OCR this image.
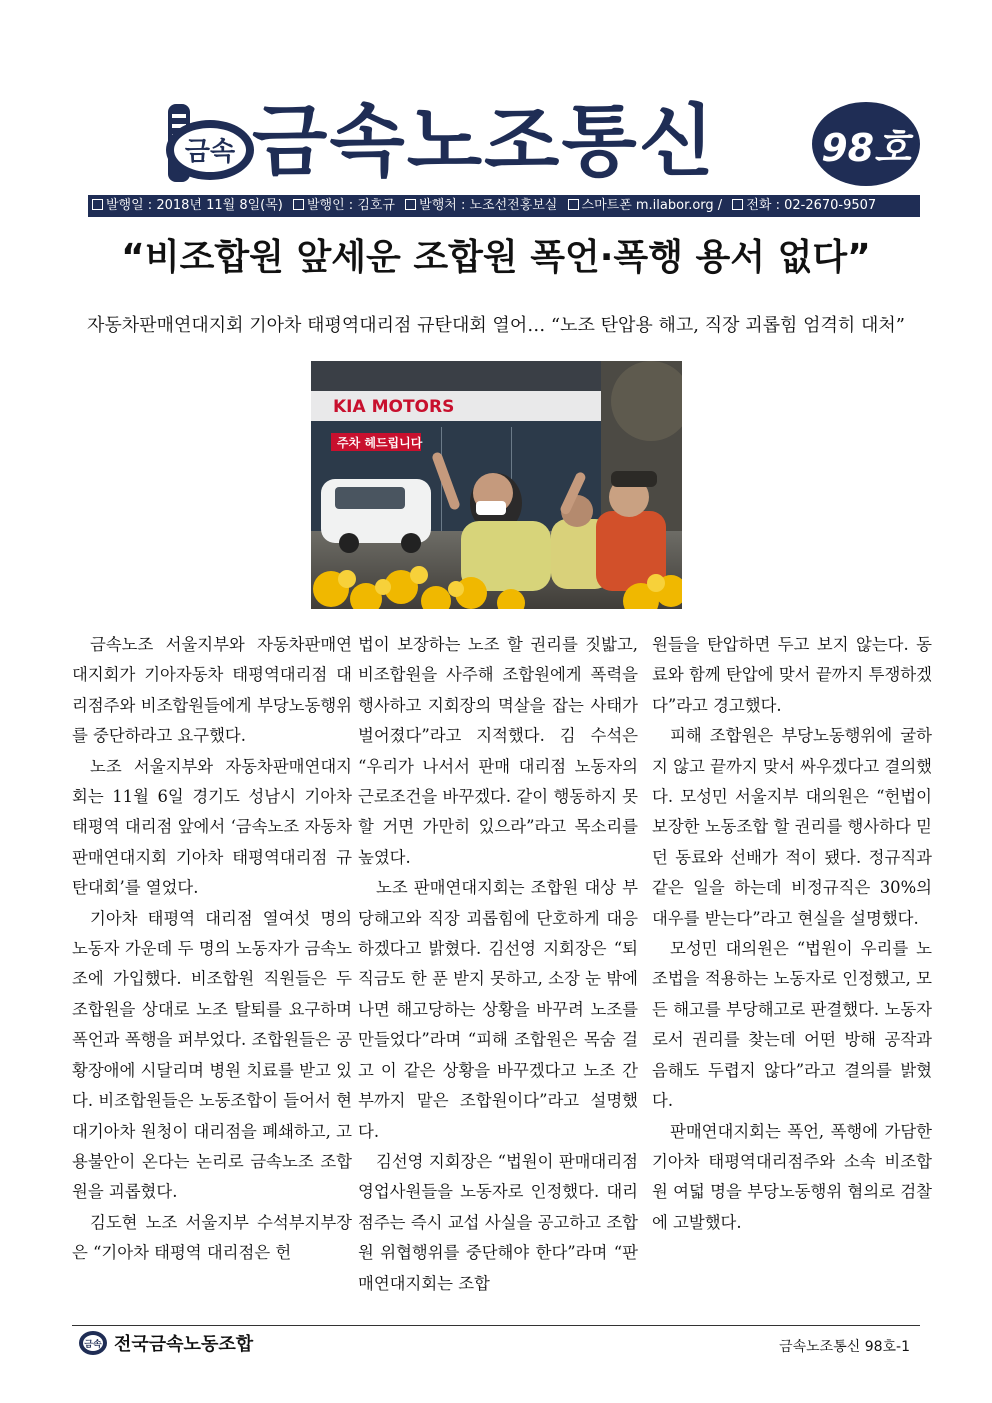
금속 금속노조통신	98호
발행일 : 2018년 11월 8일(목) 발행인 : 김호규 발행처 : 노조선전홍보실 스마트폰 m.ilabor.org / 전화 : 02-2670-9507
“비조합원 앞세운 조합원 폭언·폭행 용서 없다”
자동차판매연대지회 기아차 태평역대리점 규탄대회 열어… “노조 탄압용 해고, 직장 괴롭힘 엄격히 대처”
KIA MOTORS
주차 헤드립니다

금속노조 서울지부와 자동차판매연대지회가 기아자동차 태평역대리점 대리점주와 비조합원들에게 부당노동행위를 중단하라고 요구했다.

노조 서울지부와 자동차판매연대지회는 11월 6일 경기도 성남시 기아차 태평역 대리점 앞에서 ‘금속노조 자동차판매연대지회 기아차 태평역대리점 규탄대회’를 열었다.

기아차 태평역 대리점 열여섯 명의 노동자 가운데 두 명의 노동자가 금속노조에 가입했다. 비조합원 직원들은 두 조합원을 상대로 노조 탈퇴를 요구하며 폭언과 폭행을 퍼부었다. 조합원들은 공황장애에 시달리며 병원 치료를 받고 있다. 비조합원들은 노동조합이 들어서 현대기아차 원청이 대리점을 폐쇄하고, 고용불안이 온다는 논리로 금속노조 조합원을 괴롭혔다.

김도현 노조 서울지부 수석부지부장은 “기아차 태평역 대리점은 헌

법이 보장하는 노조 할 권리를 짓밟고, 비조합원을 사주해 조합원에게 폭력을 행사하고 지회장의 멱살을 잡는 사태가 벌어졌다”라고 지적했다. 김 수석은 “우리가 나서서 판매 대리점 노동자의 근로조건을 바꾸겠다. 같이 행동하지 못할 거면 가만히 있으라”라고 목소리를 높였다.

노조 판매연대지회는 조합원 대상 부당해고와 직장 괴롭힘에 단호하게 대응하겠다고 밝혔다. 김선영 지회장은 “퇴직금도 한 푼 받지 못하고, 소장 눈 밖에 나면 해고당하는 상황을 바꾸려 노조를 만들었다”라며 “피해 조합원은 목숨 걸고 이 같은 상황을 바꾸겠다고 노조 간부까지 맡은 조합원이다”라고 설명했다.

김선영 지회장은 “법원이 판매대리점 영업사원들을 노동자로 인정했다. 대리점주는 즉시 교섭 사실을 공고하고 조합원 위협행위를 중단해야 한다”라며 “판매연대지회는 조합

원들을 탄압하면 두고 보지 않는다. 동료와 함께 탄압에 맞서 끝까지 투쟁하겠다”라고 경고했다.

피해 조합원은 부당노동행위에 굴하지 않고 끝까지 맞서 싸우겠다고 결의했다. 모성민 서울지부 대의원은 “헌법이 보장한 노동조합 할 권리를 행사하다 믿던 동료와 선배가 적이 됐다. 정규직과 같은 일을 하는데 비정규직은 30%의 대우를 받는다”라고 현실을 설명했다.

모성민 대의원은 “법원이 우리를 노조법을 적용하는 노동자로 인정했고, 모든 해고를 부당해고로 판결했다. 노동자로서 권리를 찾는데 어떤 방해 공작과 음해도 두렵지 않다”라고 결의를 밝혔다.

판매연대지회는 폭언, 폭행에 가담한 기아차 태평역대리점주와 소속 비조합원 여덟 명을 부당노동행위 혐의로 검찰에 고발했다.

금속 전국금속노동조합	금속노조통신 98호-1
